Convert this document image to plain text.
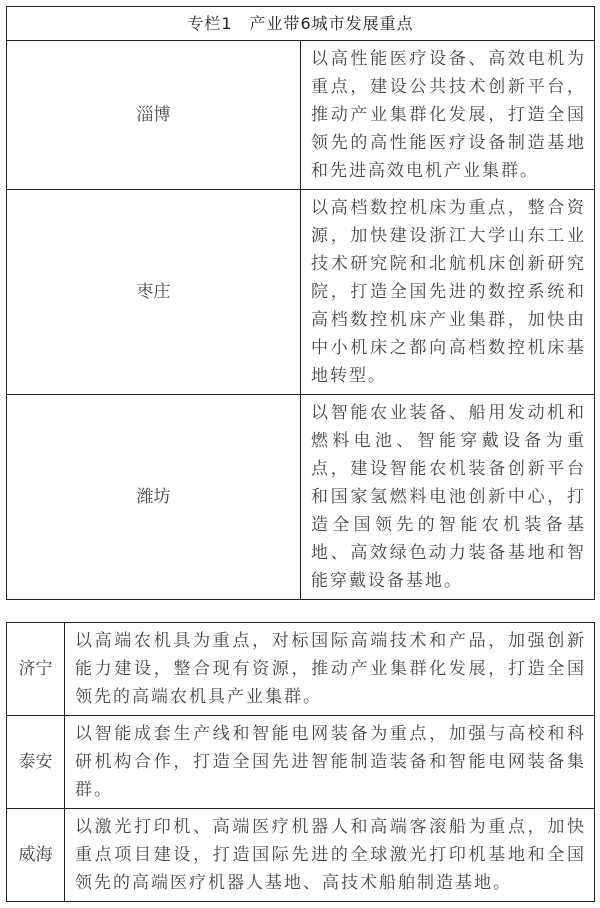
专栏1　产业带6城市发展重点	
淄博	以高性能医疗设备、高效电机为重点，建设公共技术创新平台，推动产业集群化发展，打造全国领先的高性能医疗设备制造基地和先进高效电机产业集群。
枣庄	以高档数控机床为重点，整合资源，加快建设浙江大学山东工业技术研究院和北航机床创新研究院，打造全国先进的数控系统和高档数控机床产业集群，加快由中小机床之都向高档数控机床基地转型。
潍坊	以智能农业装备、船用发动机和燃料电池、智能穿戴设备为重点，建设智能农机装备创新平台和国家氢燃料电池创新中心，打造全国领先的智能农机装备基地、高效绿色动力装备基地和智能穿戴设备基地。
济宁	以高端农机具为重点，对标国际高端技术和产品，加强创新能力建设，整合现有资源，推动产业集群化发展，打造全国领先的高端农机具产业集群。
泰安	以智能成套生产线和智能电网装备为重点，加强与高校和科研机构合作，打造全国先进智能制造装备和智能电网装备集群。
威海	以激光打印机、高端医疗机器人和高端客滚船为重点，加快重点项目建设，打造国际先进的全球激光打印机基地和全国领先的高端医疗机器人基地、高技术船舶制造基地。
